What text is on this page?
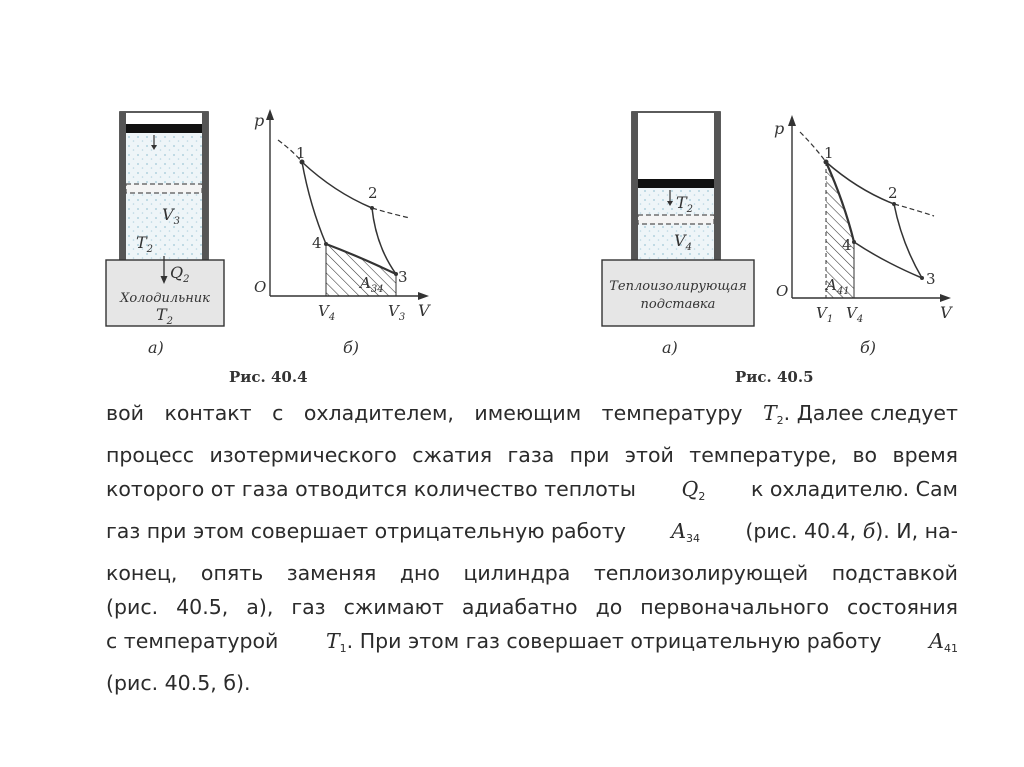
$V_3$
$T_2$
$Q_2$
Холодильник
$T_2$
а)
p
V
O
1
2
3
4
$A_{34}$
$V_4$	$V_3$
б)
Рис. 40.4
$T_2$
$V_4$
Теплоизолирующая
подставка
а)
p
V
O
1
2
3
4
$A_{41}$
$V_1$ $V_4$
б)
Рис. 40.5
вой контакт с охладителем, имеющим температуру $T_2$. Далее следует
процесс изотермического сжатия газа при этой температуре, во время
которого от газа отводится количество теплоты $Q_2$ к охладителю. Сам
газ при этом совершает отрицательную работу $A_{34}$ (рис. 40.4, б). И, на-
конец, опять заменяя дно цилиндра теплоизолирующей подставкой
(рис. 40.5, а), газ сжимают адиабатно до первоначального состояния
с температурой $T_1$. При этом газ совершает отрицательную работу $A_{41}$
(рис. 40.5, б).
